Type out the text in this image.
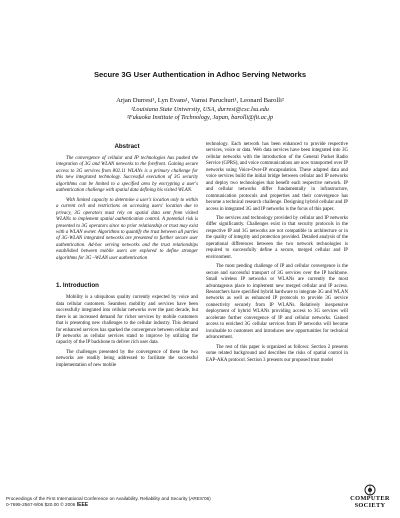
Secure 3G User Authentication in Adhoc Serving Networks
Arjan Durresi¹, Lyn Evans¹, Vamsi Paruchuri¹, Leonard Barolli²
¹Louisiana State University, USA, durresi@csc.lsu.edu
²Fukuoka Institute of Technology, Japan, barolli@fit.ac.jp
Abstract

The convergence of cellular and IP technologies has pushed the integration of 3G and WLAN networks to the forefront. Gaining secure access to 3G services from 802.11 WLANs is a primary challenge for this new integrated technology. Successful execution of 3G security algorithms can be limited to a specified area by encrypting a user's authentication challenge with spatial data defining his visited WLAN.

With limited capacity to determine a user's location only to within a current cell and restrictions on accessing users' location due to privacy, 3G operators must rely on spatial data sent from visited WLANs to implement spatial authentication control. A potential risk is presented to 3G operators since no prior relationship or trust may exist with a WLAN owner. Algorithms to quantify the trust between all parties of 3G-WLAN integrated networks are presented to further secure user authentication. Ad-hoc serving networks and the trust relationships established between mobile users are explored to define stronger algorithms for 3G –WLAN user authentication

1. Introduction

Mobility is a ubiquitous quality currently expected by voice and data cellular customers. Seamless mobility and services have been successfully integrated into cellular networks over the past decade, but there is an increased demand for richer services by mobile customers that is presenting new challenges to the cellular industry. This demand for enhanced services has sparked the convergence between cellular and IP networks as cellular services stand to improve by utilizing the capacity of the IP backbone to deliver rich user data.

The challenges presented by the convergence of these the two networks are readily being addressed to facilitate the successful implementation of new mobile

technology. Each network has been enhanced to provide respective services, voice or data. Web data services have been integrated into 3G cellular networks with the introduction of the General Packet Radio Service (GPRS), and voice communications are now transported over IP networks using Voice-Over-IP encapsulation. These adapted data and voice services build the initial bridge between cellular and IP networks and deploy two technologies that benefit each respective network. IP and cellular networks differ fundamentally in infrastructure, communication protocols and properties and their convergence has become a technical research challenge. Designing hybrid cellular and IP access in integrated 3G and IP networks is the focus of this paper.

The services and technology provided by cellular and IP networks differ significantly. Challenges exist in that security protocols in the respective IP and 3G networks are not compatible in architecture or in the quality of integrity and protection provided. Detailed analysis of the operational differences between the two network technologies is required to successfully define a secure, merged cellular and IP environment.

The most pending challenge of IP and cellular convergence is the secure and successful transport of 3G services over the IP backbone. Small wireless IP networks or WLANs are currently the most advantageous place to implement new merged cellular and IP access. Researchers have specified hybrid hardware to integrate 3G and WLAN networks as well as enhanced IP protocols to provide 3G service connectivity securely from IP WLANs. Relatively inexpensive deployment of hybrid WLANs providing access to 3G services will accelerate further convergence of IP and cellular networks. Gained access to enriched 3G cellular services from IP networks will become invaluable to customers and introduces new opportunities for technical advancement.

The rest of this paper is organized as follows: Section 2 presents some related background and describes the risks of spatial control in EAP-AKA protocol. Section 3 presents our proposed trust model

Proceedings of the First International Conference on Availability, Reliability and Security (ARES'06)
0-7695-2567-9/06 $20.00 © 2006 IEEE
COMPUTER
SOCIETY
